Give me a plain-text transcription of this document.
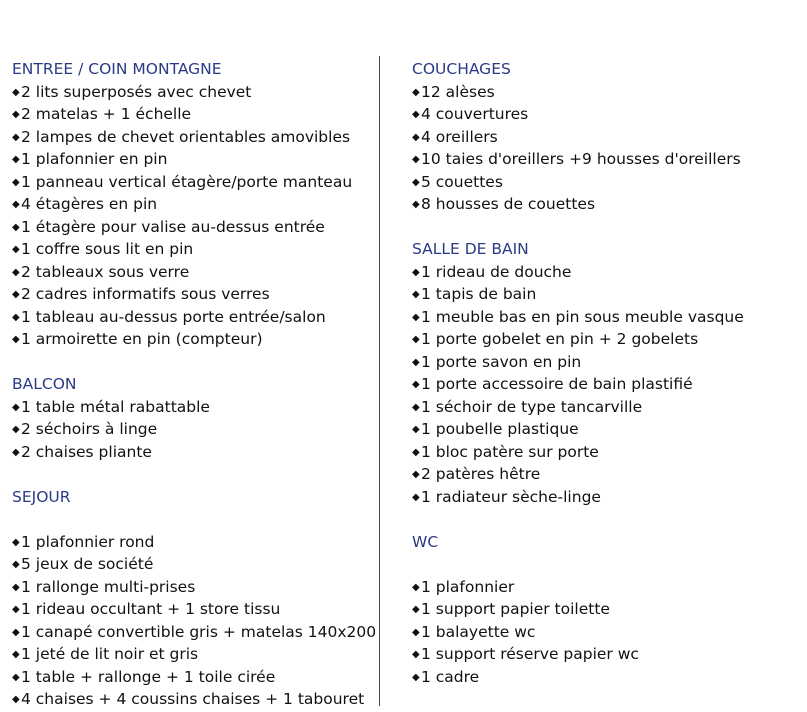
ENTREE / COIN MONTAGNE
◆2 lits superposés avec chevet
◆2 matelas + 1 échelle
◆2 lampes de chevet orientables amovibles
◆1 plafonnier en pin
◆1 panneau vertical étagère/porte manteau
◆4 étagères en pin
◆1 étagère pour valise au-dessus entrée
◆1 coffre sous lit en pin
◆2 tableaux sous verre
◆2 cadres informatifs sous verres
◆1 tableau au-dessus porte entrée/salon
◆1 armoirette en pin (compteur)
BALCON
◆1 table métal rabattable
◆2 séchoirs à linge
◆2 chaises pliante
SEJOUR
◆1 plafonnier rond
◆5 jeux de société
◆1 rallonge multi-prises
◆1 rideau occultant + 1 store tissu
◆1 canapé convertible gris + matelas 140x200
◆1 jeté de lit noir et gris
◆1 table + rallonge + 1 toile cirée
◆4 chaises + 4 coussins chaises + 1 tabouret
COUCHAGES
◆12 alèses
◆4 couvertures
◆4 oreillers
◆10 taies d'oreillers +9 housses d'oreillers
◆5 couettes
◆8 housses de couettes
SALLE DE BAIN
◆1 rideau de douche
◆1 tapis de bain
◆1 meuble bas en pin sous meuble vasque
◆1 porte gobelet en pin + 2 gobelets
◆1 porte savon en pin
◆1 porte accessoire de bain plastifié
◆1 séchoir de type tancarville
◆1 poubelle plastique
◆1 bloc patère sur porte
◆2 patères hêtre
◆1 radiateur sèche-linge
WC
◆1 plafonnier
◆1 support papier toilette
◆1 balayette wc
◆1 support réserve papier wc
◆1 cadre
